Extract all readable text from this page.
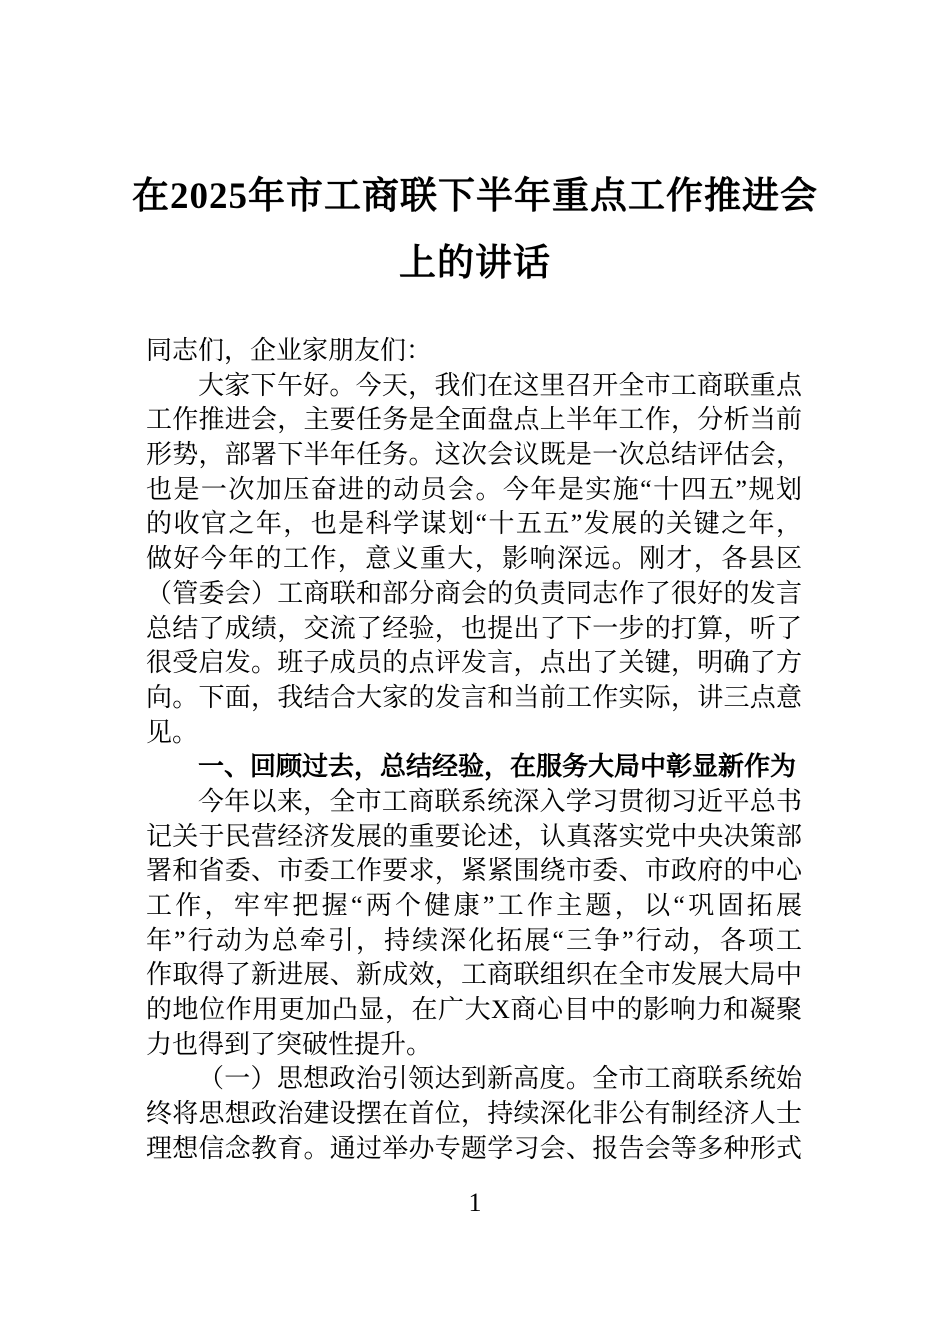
在2025年市工商联下半年重点工作推进会
上的讲话
同志们，企业家朋友们：
大家下午好。今天，我们在这里召开全市工商联重点
工作推进会，主要任务是全面盘点上半年工作，分析当前
形势，部署下半年任务。这次会议既是一次总结评估会，
也是一次加压奋进的动员会。今年是实施“十四五”规划
的收官之年，也是科学谋划“十五五”发展的关键之年，
做好今年的工作，意义重大，影响深远。刚才，各县区
（管委会）工商联和部分商会的负责同志作了很好的发言
总结了成绩，交流了经验，也提出了下一步的打算，听了
很受启发。班子成员的点评发言，点出了关键，明确了方
向。下面，我结合大家的发言和当前工作实际，讲三点意
见。
一、回顾过去，总结经验，在服务大局中彰显新作为
今年以来，全市工商联系统深入学习贯彻习近平总书
记关于民营经济发展的重要论述，认真落实党中央决策部
署和省委、市委工作要求，紧紧围绕市委、市政府的中心
工作，牢牢把握“两个健康”工作主题，以“巩固拓展
年”行动为总牵引，持续深化拓展“三争”行动，各项工
作取得了新进展、新成效，工商联组织在全市发展大局中
的地位作用更加凸显，在广大X商心目中的影响力和凝聚
力也得到了突破性提升。
（一）思想政治引领达到新高度。全市工商联系统始
终将思想政治建设摆在首位，持续深化非公有制经济人士
理想信念教育。通过举办专题学习会、报告会等多种形式
1
